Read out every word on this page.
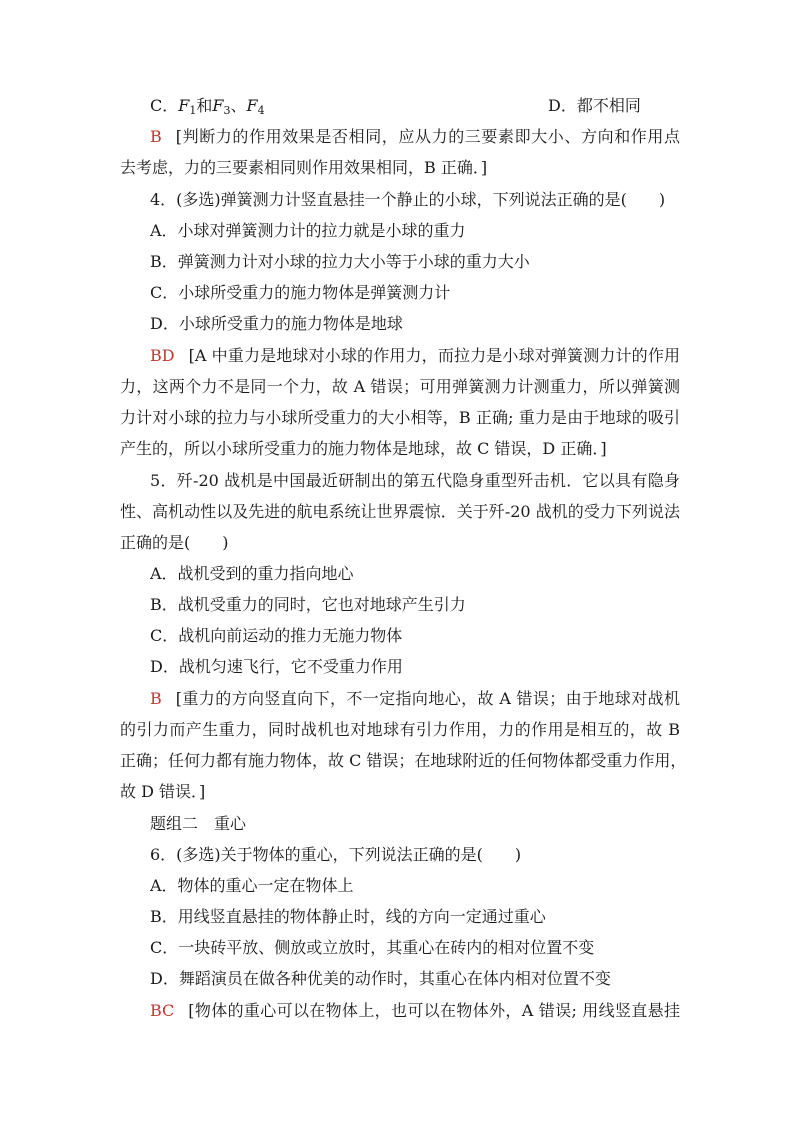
C．$F_1$和$F_3$、$F_4$	D．都不相同
B [判断力的作用效果是否相同，应从力的三要素即大小、方向和作用点
去考虑，力的三要素相同则作用效果相同，B 正确．]
4．(多选)弹簧测力计竖直悬挂一个静止的小球，下列说法正确的是(　　)
A．小球对弹簧测力计的拉力就是小球的重力
B．弹簧测力计对小球的拉力大小等于小球的重力大小
C．小球所受重力的施力物体是弹簧测力计
D．小球所受重力的施力物体是地球
BD [A 中重力是地球对小球的作用力，而拉力是小球对弹簧测力计的作用
力，这两个力不是同一个力，故 A 错误；可用弹簧测力计测重力，所以弹簧测
力计对小球的拉力与小球所受重力的大小相等，B 正确; 重力是由于地球的吸引
产生的，所以小球所受重力的施力物体是地球，故 C 错误，D 正确．]
5．歼-20 战机是中国最近研制出的第五代隐身重型歼击机．它以具有隐身
性、高机动性以及先进的航电系统让世界震惊．关于歼-20 战机的受力下列说法
正确的是(　　)
A．战机受到的重力指向地心
B．战机受重力的同时，它也对地球产生引力
C．战机向前运动的推力无施力物体
D．战机匀速飞行，它不受重力作用
B [重力的方向竖直向下，不一定指向地心，故 A 错误；由于地球对战机
的引力而产生重力，同时战机也对地球有引力作用，力的作用是相互的，故 B
正确；任何力都有施力物体，故 C 错误；在地球附近的任何物体都受重力作用，
故 D 错误．]
题组二　 重心
6．(多选)关于物体的重心，下列说法正确的是(　　)
A．物体的重心一定在物体上
B．用线竖直悬挂的物体静止时，线的方向一定通过重心
C．一块砖平放、侧放或立放时，其重心在砖内的相对位置不变
D．舞蹈演员在做各种优美的动作时，其重心在体内相对位置不变
BC [物体的重心可以在物体上，也可以在物体外，A 错误; 用线竖直悬挂
